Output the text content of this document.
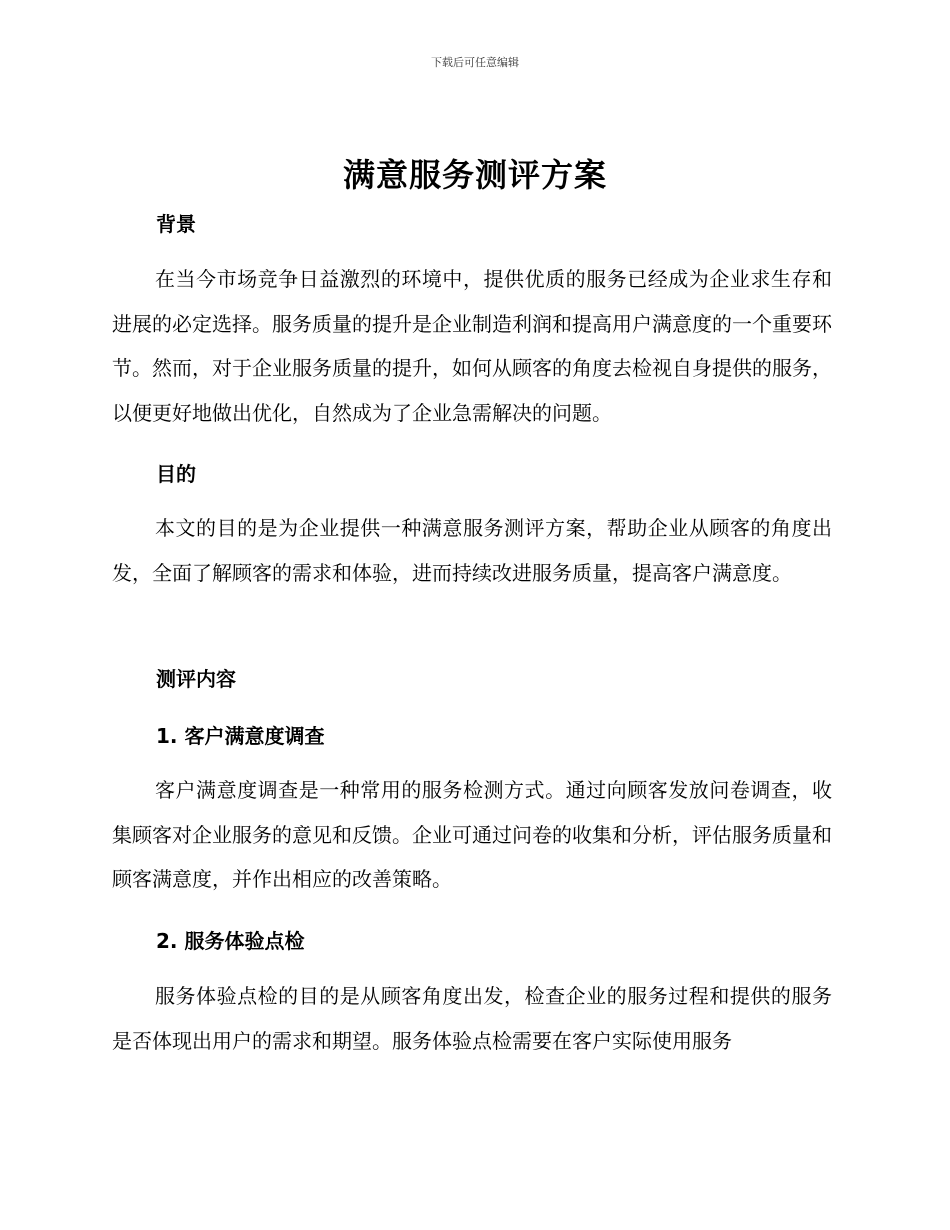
下载后可任意编辑
满意服务测评方案
背景
在当今市场竞争日益激烈的环境中，提供优质的服务已经成为企业求生存和进展的必定选择。服务质量的提升是企业制造利润和提高用户满意度的一个重要环节。然而，对于企业服务质量的提升，如何从顾客的角度去检视自身提供的服务，以便更好地做出优化，自然成为了企业急需解决的问题。
目的
本文的目的是为企业提供一种满意服务测评方案，帮助企业从顾客的角度出发，全面了解顾客的需求和体验，进而持续改进服务质量，提高客户满意度。
测评内容
1. 客户满意度调查
客户满意度调查是一种常用的服务检测方式。通过向顾客发放问卷调查，收集顾客对企业服务的意见和反馈。企业可通过问卷的收集和分析，评估服务质量和顾客满意度，并作出相应的改善策略。
2. 服务体验点检
服务体验点检的目的是从顾客角度出发，检查企业的服务过程和提供的服务是否体现出用户的需求和期望。服务体验点检需要在客户实际使用服务
